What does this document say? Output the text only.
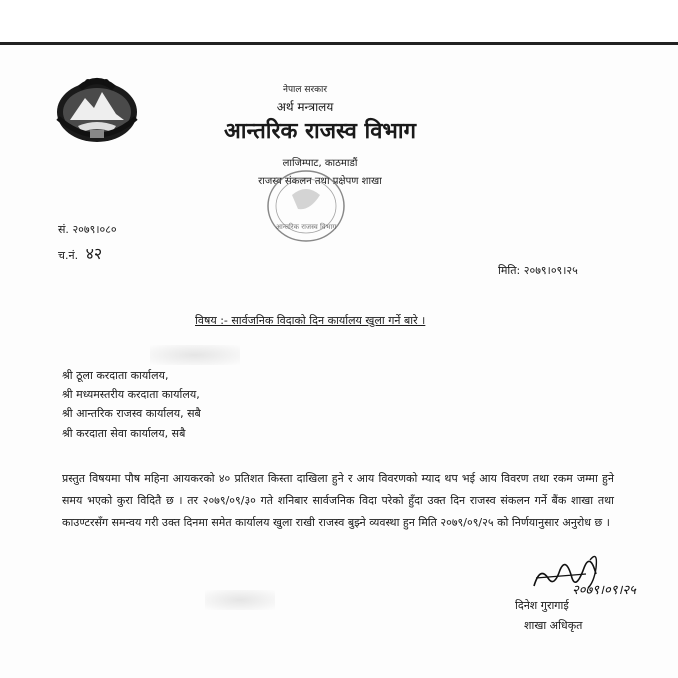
नेपाल सरकार
अर्थ मन्त्रालय
आन्तरिक राजस्व विभाग
लाजिम्पाट, काठमाडौं
राजस्व संकलन तथा प्रक्षेपण शाखा
आन्तरिक राजस्व विभाग
सं. २०७९।०८०
च.नं. ४२
मिति: २०७९।०९।२५
विषय :- सार्वजनिक विदाको दिन कार्यालय खुला गर्ने बारे ।
श्री ठूला करदाता कार्यालय,
श्री मध्यमस्तरीय करदाता कार्यालय,
श्री आन्तरिक राजस्व कार्यालय, सबै
श्री करदाता सेवा कार्यालय, सबै
प्रस्तुत विषयमा पौष महिना आयकरको ४० प्रतिशत किस्ता दाखिला हुने र आय विवरणको म्याद थप भई आय विवरण तथा रकम जम्मा हुने समय भएको कुरा विदितै छ । तर २०७९/०९/३० गते शनिबार सार्वजनिक विदा परेको हुँदा उक्त दिन राजस्व संकलन गर्ने बैंक शाखा तथा काउण्टरसँग समन्वय गरी उक्त दिनमा समेत कार्यालय खुला राखी राजस्व बुझ्ने व्यवस्था हुन मिति २०७९/०९/२५ को निर्णयानुसार अनुरोध छ ।
२०७९।०९।२५
दिनेश गुरागाई
शाखा अधिकृत
